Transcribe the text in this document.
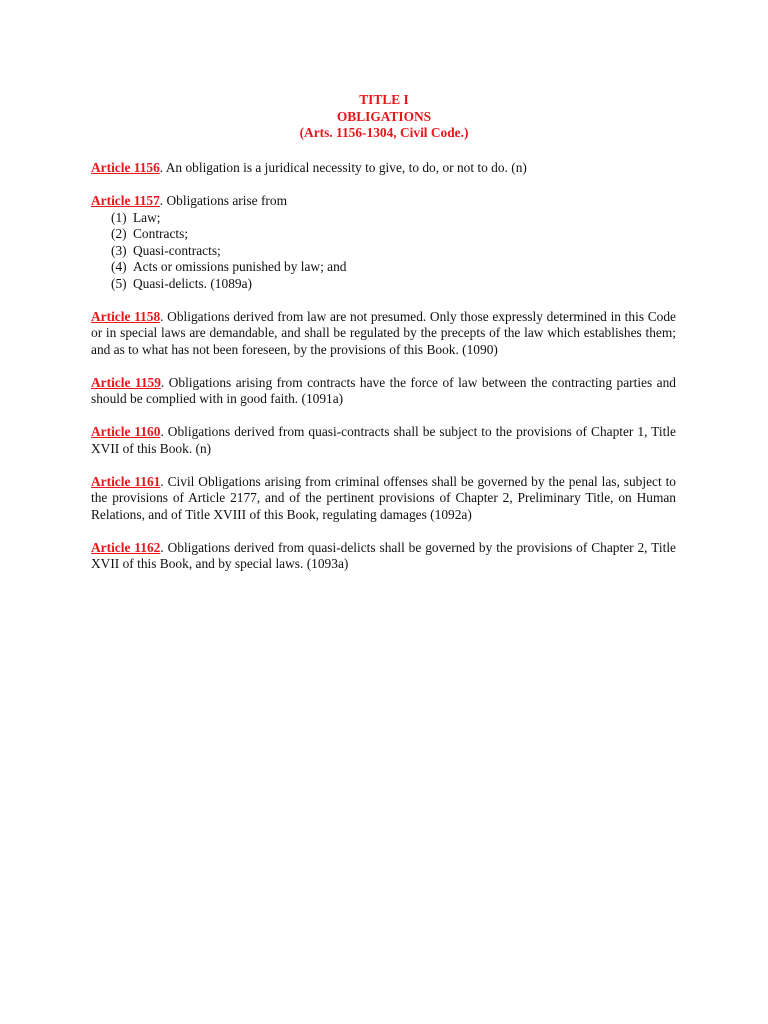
TITLE I
OBLIGATIONS
(Arts. 1156-1304, Civil Code.)

Article 1156. An obligation is a juridical necessity to give, to do, or not to do. (n)

Article 1157. Obligations arise from
(1) Law;
(2) Contracts;
(3) Quasi-contracts;
(4) Acts or omissions punished by law; and
(5) Quasi-delicts. (1089a)

Article 1158. Obligations derived from law are not presumed. Only those expressly determined in this Code or in special laws are demandable, and shall be regulated by the precepts of the law which establishes them; and as to what has not been foreseen, by the provisions of this Book. (1090)

Article 1159. Obligations arising from contracts have the force of law between the contracting parties and should be complied with in good faith. (1091a)

Article 1160. Obligations derived from quasi-contracts shall be subject to the provisions of Chapter 1, Title XVII of this Book. (n)

Article 1161. Civil Obligations arising from criminal offenses shall be governed by the penal las, subject to the provisions of Article 2177, and of the pertinent provisions of Chapter 2, Preliminary Title, on Human Relations, and of Title XVIII of this Book, regulating damages (1092a)

Article 1162. Obligations derived from quasi-delicts shall be governed by the provisions of Chapter 2, Title XVII of this Book, and by special laws. (1093a)
